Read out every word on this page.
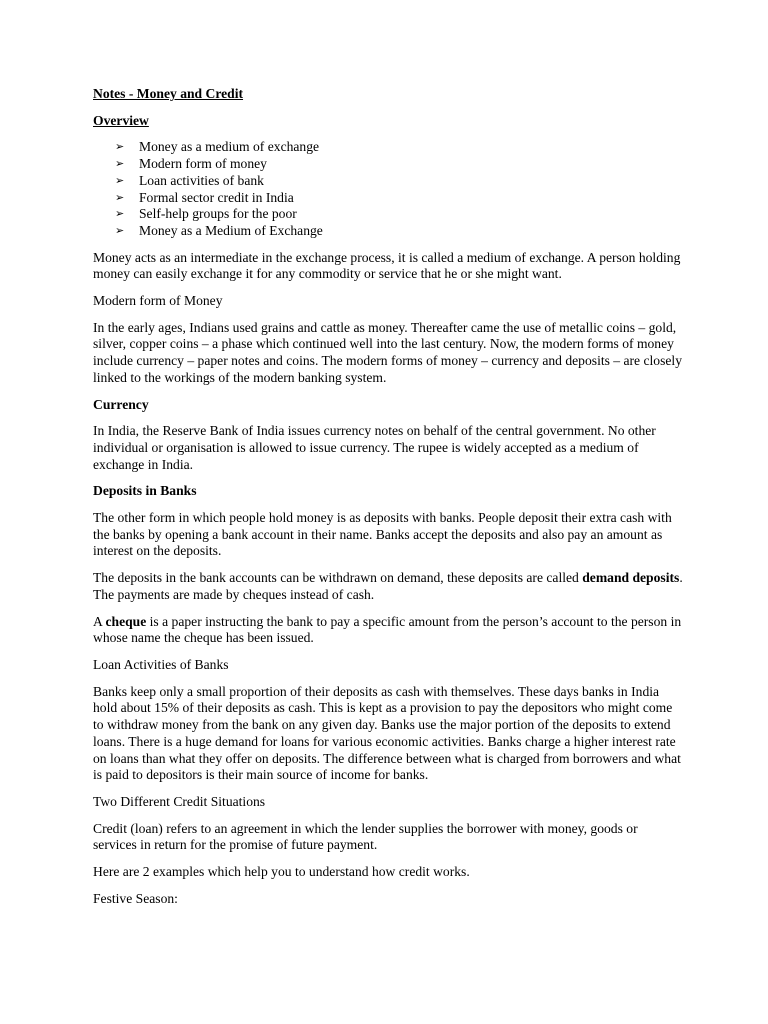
Notes - Money and Credit

Overview

➢ Money as a medium of exchange
➢ Modern form of money
➢ Loan activities of bank
➢ Formal sector credit in India
➢ Self-help groups for the poor
➢ Money as a Medium of Exchange

Money acts as an intermediate in the exchange process, it is called a medium of exchange. A person holding money can easily exchange it for any commodity or service that he or she might want.

Modern form of Money

In the early ages, Indians used grains and cattle as money. Thereafter came the use of metallic coins – gold, silver, copper coins – a phase which continued well into the last century. Now, the modern forms of money include currency – paper notes and coins. The modern forms of money – currency and deposits – are closely linked to the workings of the modern banking system.

Currency

In India, the Reserve Bank of India issues currency notes on behalf of the central government. No other individual or organisation is allowed to issue currency. The rupee is widely accepted as a medium of exchange in India.

Deposits in Banks

The other form in which people hold money is as deposits with banks. People deposit their extra cash with the banks by opening a bank account in their name. Banks accept the deposits and also pay an amount as interest on the deposits.

The deposits in the bank accounts can be withdrawn on demand, these deposits are called demand deposits. The payments are made by cheques instead of cash.

A cheque is a paper instructing the bank to pay a specific amount from the person’s account to the person in whose name the cheque has been issued.

Loan Activities of Banks

Banks keep only a small proportion of their deposits as cash with themselves. These days banks in India hold about 15% of their deposits as cash. This is kept as a provision to pay the depositors who might come to withdraw money from the bank on any given day. Banks use the major portion of the deposits to extend loans. There is a huge demand for loans for various economic activities. Banks charge a higher interest rate on loans than what they offer on deposits. The difference between what is charged from borrowers and what is paid to depositors is their main source of income for banks.

Two Different Credit Situations

Credit (loan) refers to an agreement in which the lender supplies the borrower with money, goods or services in return for the promise of future payment.

Here are 2 examples which help you to understand how credit works.

Festive Season:
